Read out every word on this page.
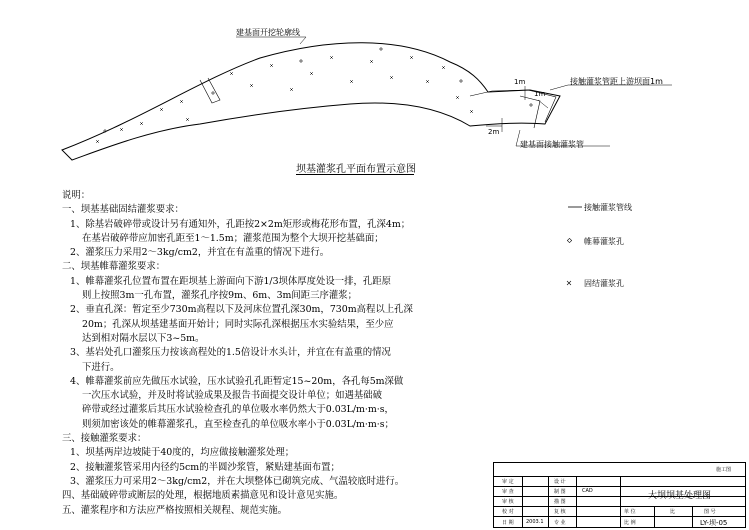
建基面开挖轮廓线
接触灌浆管距上游坝面1m
建基面接触灌浆管
1m
1m
2m
坝基灌浆孔平面布置示意图
接触灌浆管线
帷幕灌浆孔
固结灌浆孔
说明：
一、坝基基础固结灌浆要求：
1、除基岩破碎带或设计另有通知外，孔距按2×2m矩形或梅花形布置，孔深4m；
在基岩破碎带应加密孔距至1～1.5m；灌浆范围为整个大坝开挖基础面；
2、灌浆压力采用2～3kg/cm2，并宜在有盖重的情况下进行。
二、坝基帷幕灌浆要求：
1、帷幕灌浆孔位置布置在距坝基上游面向下游1/3坝体厚度处设一排，孔距原
则上按照3m一孔布置，灌浆孔序按9m、6m、3m间距三序灌浆；
2、垂直孔深：暂定至少730m高程以下及河床位置孔深30m，730m高程以上孔深
20m；孔深从坝基建基面开始计；同时实际孔深根据压水实验结果，至少应
达到相对隔水层以下3~5m。
3、基岩处孔口灌浆压力按该高程处的1.5倍设计水头计，并宜在有盖重的情况
下进行。
4、帷幕灌浆前应先做压水试验，压水试验孔孔距暂定15~20m，各孔每5m深做
一次压水试验，并及时将试验成果及报告书面提交设计单位；如遇基础破
碎带或经过灌浆后其压水试验检查孔的单位吸水率仍然大于0.03L/m·m·s，
则须加密该处的帷幕灌浆孔，直至检查孔的单位吸水率小于0.03L/m·m·s；
三、接触灌浆要求：
1、坝基两岸边坡陡于40度的，均应做接触灌浆处理；
2、接触灌浆管采用内径约5cm的半圆沙浆管，紧贴建基面布置；
3、灌浆压力可采用2～3kg/cm2，并在大坝整体已砌筑完成、气温较底时进行。
四、基础破碎带或断层的处理，根据地质素描意见和设计意见实施。
五、灌浆程序和方法应严格按照相关规程、规范实施。
施工图
大坝坝基处理图
审 定	设 计
审 查	制 图	CAD
审 核	描 图
单 位	比	图 号
校 对	复 核
日 期 2003.1 专 业	比 例	LY-坝-05
